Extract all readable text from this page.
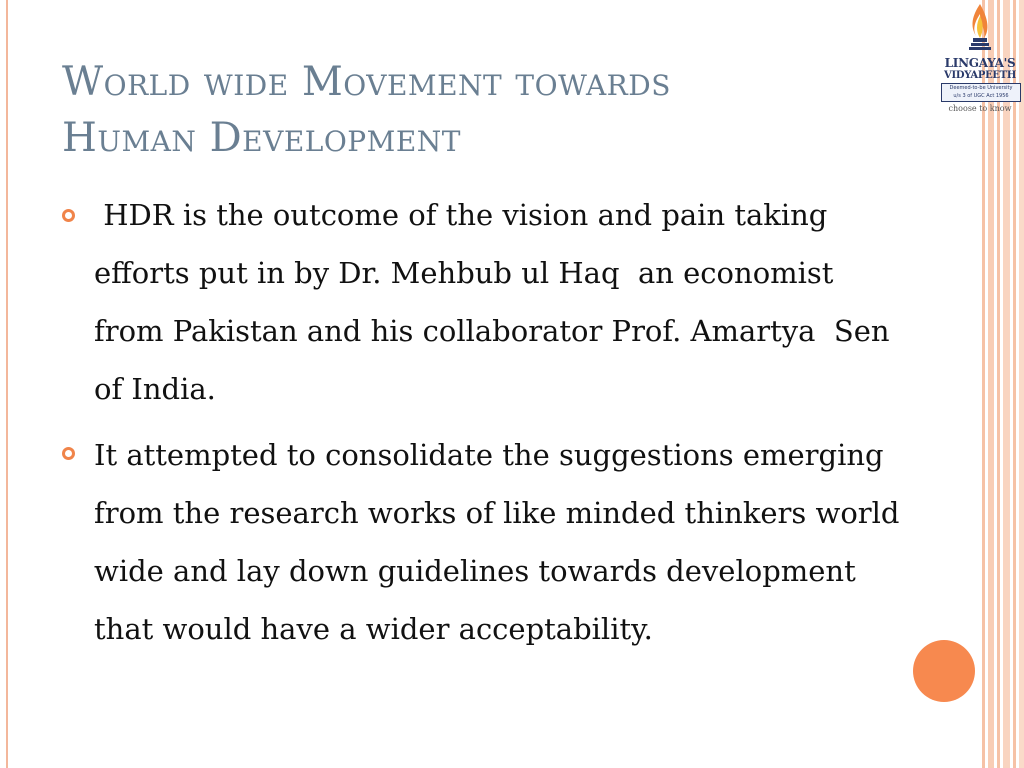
LINGAYA'S
VIDYAPEETH
Deemed-to-be University
u/s 3 of UGC Act 1956
choose to know
World wide Movement towards
Human Development

HDR is the outcome of the vision and pain taking efforts put in by Dr. Mehbub ul Haq  an economist from Pakistan and his collaborator Prof. Amartya  Sen  of India.

It attempted to consolidate the suggestions emerging from the research works of like minded thinkers world wide and lay down guidelines towards development that would have a wider acceptability.
